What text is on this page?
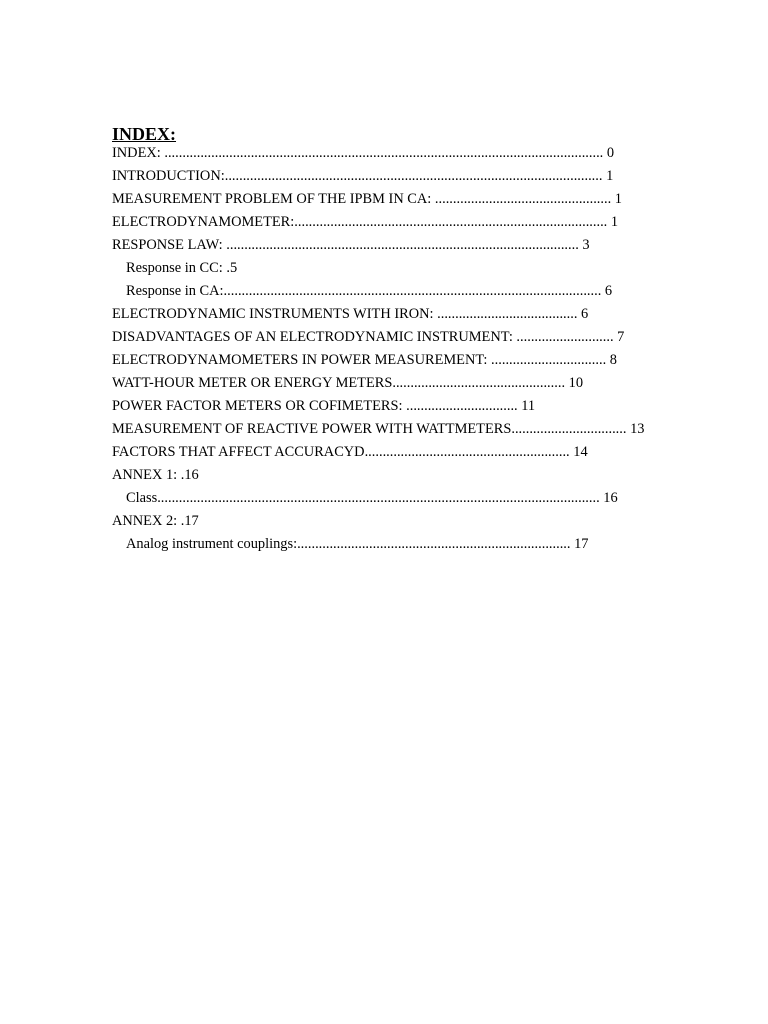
INDEX:
INDEX: .......................................................................................................................... 0
INTRODUCTION:......................................................................................................... 1
MEASUREMENT PROBLEM OF THE IPBM IN CA: ................................................. 1
ELECTRODYNAMOMETER:....................................................................................... 1
RESPONSE LAW: .................................................................................................. 3
Response in CC: .5
Response in CA:......................................................................................................... 6
ELECTRODYNAMIC INSTRUMENTS WITH IRON: ....................................... 6
DISADVANTAGES OF AN ELECTRODYNAMIC INSTRUMENT: ........................... 7
ELECTRODYNAMOMETERS IN POWER MEASUREMENT: ................................ 8
WATT-HOUR METER OR ENERGY METERS................................................ 10
POWER FACTOR METERS OR COFIMETERS: ............................... 11
MEASUREMENT OF REACTIVE POWER WITH WATTMETERS................................ 13
FACTORS THAT AFFECT ACCURACYD......................................................... 14
ANNEX 1: .16
Class........................................................................................................................... 16
ANNEX 2: .17
Analog instrument couplings:............................................................................ 17
